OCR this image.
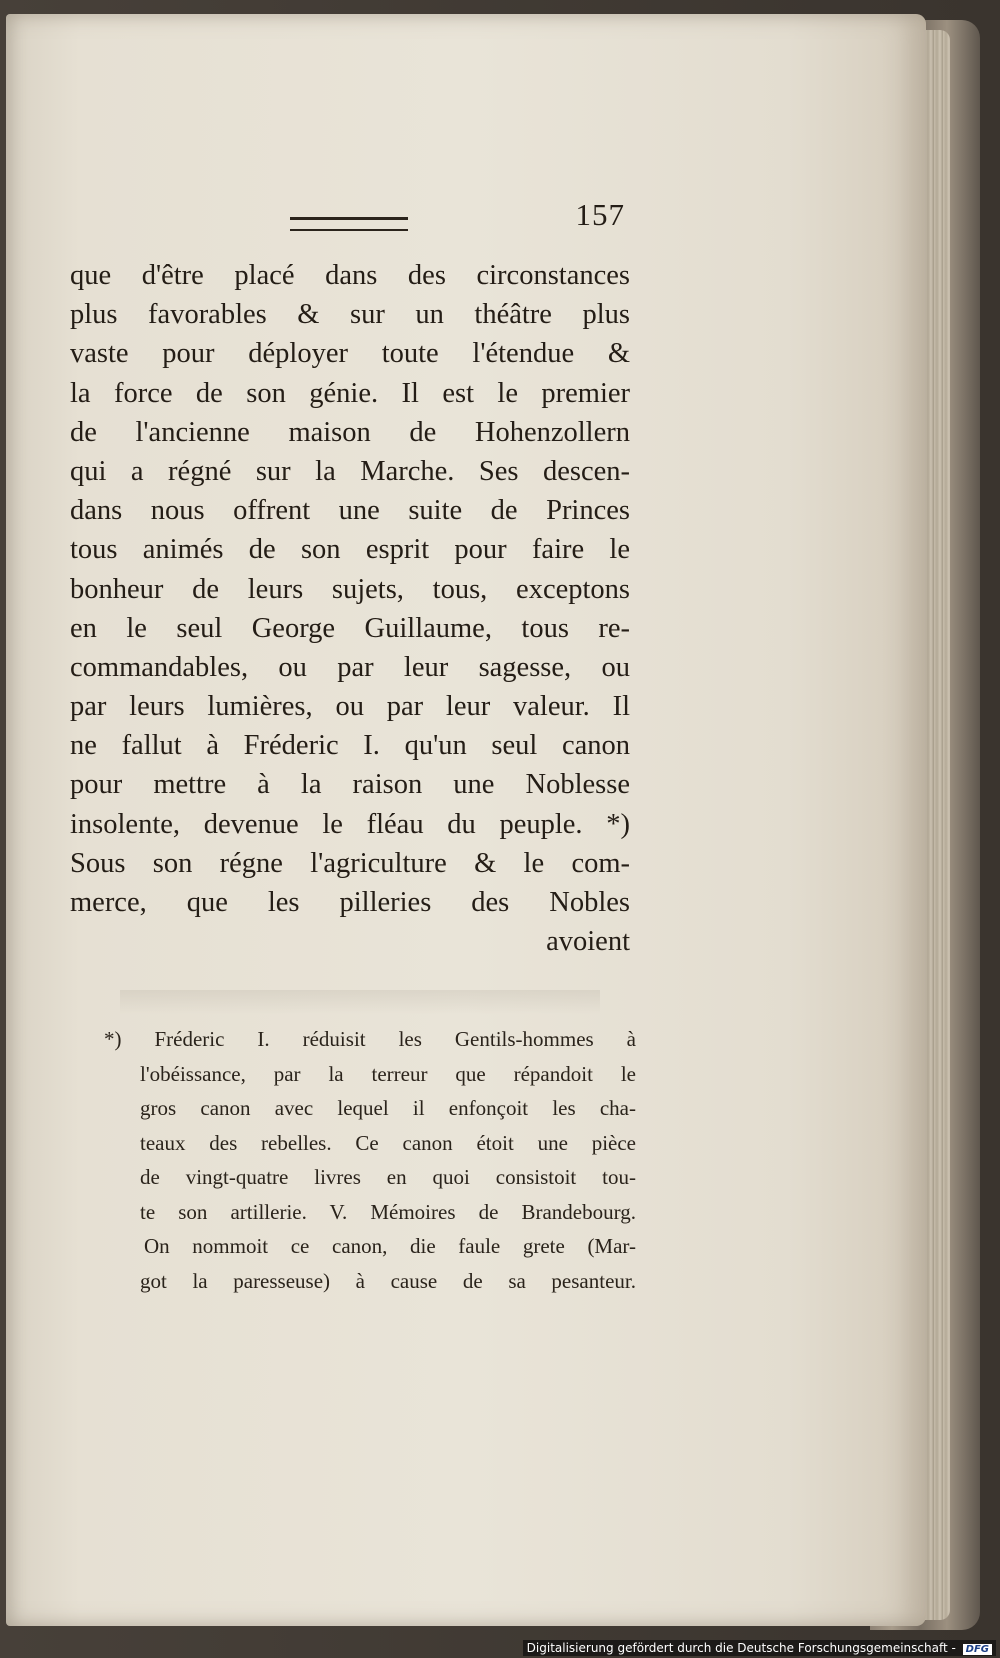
157
que d'être placé dans des circonstances
plus favorables & sur un théâtre plus
vaste pour déployer toute l'étendue &
la force de son génie. Il est le premier
de l'ancienne maison de Hohenzollern
qui a régné sur la Marche. Ses descen-
dans nous offrent une suite de Princes
tous animés de son esprit pour faire le
bonheur de leurs sujets, tous, exceptons
en le seul George Guillaume, tous re-
commandables, ou par leur sagesse, ou
par leurs lumières, ou par leur valeur. Il
ne fallut à Fréderic I. qu'un seul canon
pour mettre à la raison une Noblesse
insolente, devenue le fléau du peuple. *)
Sous son régne l'agriculture & le com-
merce, que les pilleries des Nobles
avoient
*) Fréderic I. réduisit les Gentils-hommes à
l'obéissance, par la terreur que répandoit le
gros canon avec lequel il enfonçoit les cha-
teaux des rebelles. Ce canon étoit une pièce
de vingt-quatre livres en quoi consistoit tou-
te son artillerie. V. Mémoires de Brandebourg.
On nommoit ce canon, die faule grete (Mar-
got la paresseuse) à cause de sa pesanteur.
Digitalisierung gefördert durch die Deutsche Forschungsgemeinschaft - DFG
